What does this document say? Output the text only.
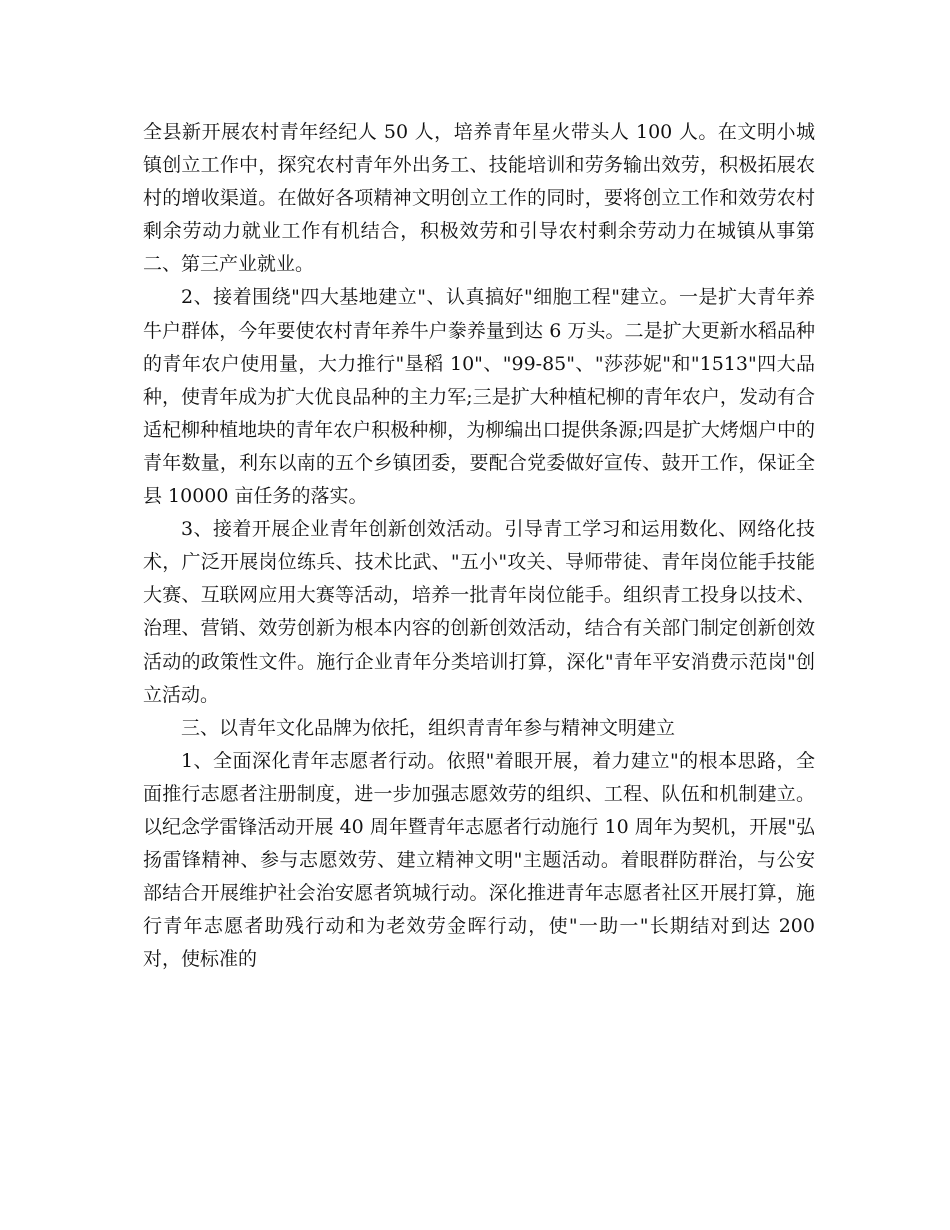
全县新开展农村青年经纪人 50 人，培养青年星火带头人 100 人。在文明小城镇创立工作中，探究农村青年外出务工、技能培训和劳务输出效劳，积极拓展农村的增收渠道。在做好各项精神文明创立工作的同时，要将创立工作和效劳农村剩余劳动力就业工作有机结合，积极效劳和引导农村剩余劳动力在城镇从事第二、第三产业就业。

2、接着围绕"四大基地建立"、认真搞好"细胞工程"建立。一是扩大青年养牛户群体，今年要使农村青年养牛户豢养量到达 6 万头。二是扩大更新水稻品种的青年农户使用量，大力推行"垦稻 10"、"99-85"、"莎莎妮"和"1513"四大品种，使青年成为扩大优良品种的主力军;三是扩大种植杞柳的青年农户，发动有合适杞柳种植地块的青年农户积极种柳，为柳编出口提供条源;四是扩大烤烟户中的青年数量，利东以南的五个乡镇团委，要配合党委做好宣传、鼓开工作，保证全县 10000 亩任务的落实。

3、接着开展企业青年创新创效活动。引导青工学习和运用数化、网络化技术，广泛开展岗位练兵、技术比武、"五小"攻关、导师带徒、青年岗位能手技能大赛、互联网应用大赛等活动，培养一批青年岗位能手。组织青工投身以技术、治理、营销、效劳创新为根本内容的创新创效活动，结合有关部门制定创新创效活动的政策性文件。施行企业青年分类培训打算，深化"青年平安消费示范岗"创立活动。

三、以青年文化品牌为依托，组织青青年参与精神文明建立

1、全面深化青年志愿者行动。依照"着眼开展，着力建立"的根本思路，全面推行志愿者注册制度，进一步加强志愿效劳的组织、工程、队伍和机制建立。以纪念学雷锋活动开展 40 周年暨青年志愿者行动施行 10 周年为契机，开展"弘扬雷锋精神、参与志愿效劳、建立精神文明"主题活动。着眼群防群治，与公安部结合开展维护社会治安愿者筑城行动。深化推进青年志愿者社区开展打算，施行青年志愿者助残行动和为老效劳金晖行动，使"一助一"长期结对到达 200 对，使标准的
